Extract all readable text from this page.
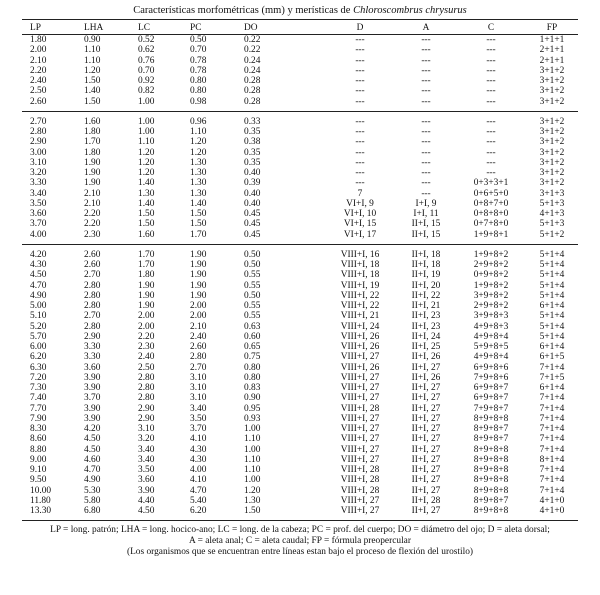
Características morfométricas (mm) y merísticas de Chloroscombrus chrysurus
LP	LHA	LC	PC	DO	D	A	C	FP
1.80	0.90	0.52	0.50	0.22	---	---	---	1+1+1
2.00	1.10	0.62	0.70	0.22	---	---	---	2+1+1
2.10	1.10	0.76	0.78	0.24	---	---	---	2+1+1
2.20	1.20	0.70	0.78	0.24	---	---	---	3+1+2
2.40	1.50	0.92	0.80	0.28	---	---	---	3+1+2
2.50	1.40	0.82	0.80	0.28	---	---	---	3+1+2
2.60	1.50	1.00	0.98	0.28	---	---	---	3+1+2

2.70	1.60	1.00	0.96	0.33	---	---	---	3+1+2
2.80	1.80	1.00	1.10	0.35	---	---	---	3+1+2
2.90	1.70	1.10	1.20	0.38	---	---	---	3+1+2
3.00	1.80	1.20	1.20	0.35	---	---	---	3+1+2
3.10	1.90	1.20	1.30	0.35	---	---	---	3+1+2
3.20	1.90	1.20	1.30	0.40	---	---	---	3+1+2
3.30	1.90	1.40	1.30	0.39	---	---	0+3+3+1	3+1+2
3.40	2.10	1.30	1.30	0.40	7	---	0+6+5+0	3+1+3
3.50	2.10	1.40	1.40	0.40	VI+I, 9	I+I, 9	0+8+7+0	5+1+3
3.60	2.20	1.50	1.50	0.45	VI+I, 10	I+I, 11	0+8+8+0	4+1+3
3.70	2.20	1.50	1.50	0.45	VI+I, 15	II+I, 15	0+7+8+0	5+1+3
4.00	2.30	1.60	1.70	0.45	VI+I, 17	II+I, 15	1+9+8+1	5+1+2

4.20	2.60	1.70	1.90	0.50	VIII+I, 16	II+I, 18	1+9+8+2	5+1+4
4.30	2.60	1.70	1.90	0.50	VIII+I, 18	II+I, 18	2+9+8+2	5+1+4
4.50	2.70	1.80	1.90	0.55	VIII+I, 18	II+I, 19	0+9+8+2	5+1+4
4.70	2.80	1.90	1.90	0.55	VIII+I, 19	II+I, 20	1+9+8+2	5+1+4
4.90	2.80	1.90	1.90	0.50	VIII+I, 22	II+I, 22	3+9+8+2	5+1+4
5.00	2.80	1.90	2.00	0.55	VIII+I, 22	II+I, 21	2+9+8+2	6+1+4
5.10	2.70	2.00	2.00	0.55	VIII+I, 21	II+I, 23	3+9+8+3	5+1+4
5.20	2.80	2.00	2.10	0.63	VIII+I, 24	II+I, 23	4+9+8+3	5+1+4
5.70	2.90	2.20	2.40	0.60	VIII+I, 26	II+I, 24	4+9+8+4	5+1+4
6.00	3.30	2.30	2.60	0.65	VIII+I, 26	II+I, 25	5+9+8+5	6+1+4
6.20	3.30	2.40	2.80	0.75	VIII+I, 27	II+I, 26	4+9+8+4	6+1+5
6.30	3.60	2.50	2.70	0.80	VIII+I, 26	II+I, 27	6+9+8+6	7+1+4
7.20	3.90	2.80	3.10	0.80	VIII+I, 27	II+I, 26	7+9+8+6	7+1+5
7.30	3.90	2.80	3.10	0.83	VIII+I, 27	II+I, 27	6+9+8+7	6+1+4
7.40	3.70	2.80	3.10	0.90	VIII+I, 27	II+I, 27	6+9+8+7	7+1+4
7.70	3.90	2.90	3.40	0.95	VIII+I, 28	II+I, 27	7+9+8+7	7+1+4
7.90	3.90	2.90	3.50	0.93	VIII+I, 27	II+I, 27	8+9+8+8	7+1+4
8.30	4.20	3.10	3.70	1.00	VIII+I, 27	II+I, 27	8+9+8+7	7+1+4
8.60	4.50	3.20	4.10	1.10	VIII+I, 27	II+I, 27	8+9+8+7	7+1+4
8.80	4.50	3.40	4.30	1.00	VIII+I, 27	II+I, 27	8+9+8+8	7+1+4
9.00	4.60	3.40	4.30	1.10	VIII+I, 27	II+I, 27	8+9+8+8	8+1+4
9.10	4.70	3.50	4.00	1.10	VIII+I, 28	II+I, 27	8+9+8+8	7+1+4
9.50	4.90	3.60	4.10	1.00	VIII+I, 28	II+I, 27	8+9+8+8	7+1+4
10.00	5.30	3.90	4.70	1.20	VIII+I, 28	II+I, 27	8+9+8+8	7+1+4
11.80	5.80	4.40	5.40	1.30	VIII+I, 27	II+I, 28	8+9+8+7	4+1+0
13.30	6.80	4.50	6.20	1.50	VIII+I, 27	II+I, 27	8+9+8+8	4+1+0
LP = long. patrón; LHA = long. hocico-ano; LC = long. de la cabeza; PC = prof. del cuerpo; DO = diámetro del ojo; D = aleta dorsal;
A = aleta anal; C = aleta caudal; FP = fórmula preopercular
(Los organismos que se encuentran entre líneas estan bajo el proceso de flexión del urostilo)
